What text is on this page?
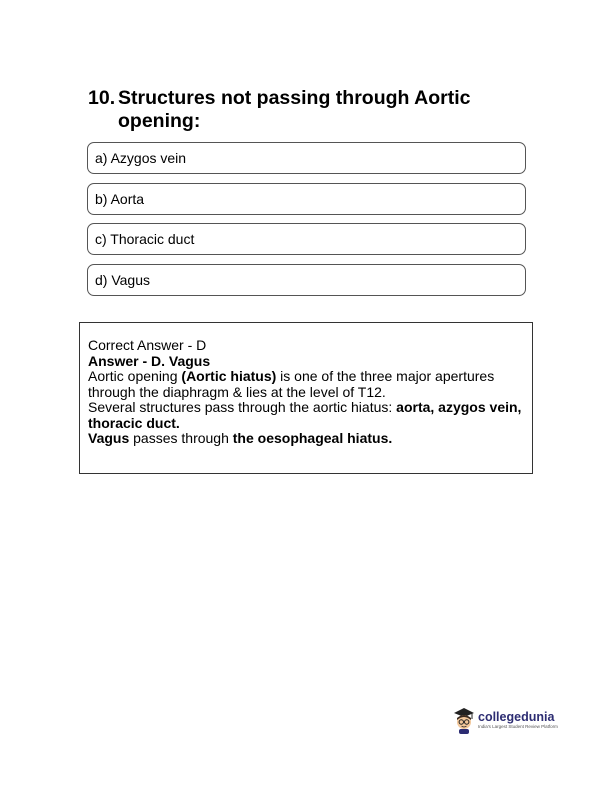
10. Structures not passing through Aortic opening:
a) Azygos vein
b) Aorta
c) Thoracic duct
d) Vagus

Correct Answer - D

Answer - D. Vagus

Aortic opening (Aortic hiatus) is one of the three major apertures through the diaphragm & lies at the level of T12.

Several structures pass through the aortic hiatus: aorta, azygos vein, thoracic duct.

Vagus passes through the oesophageal hiatus.

collegedunia
India's Largest Student Review Platform
